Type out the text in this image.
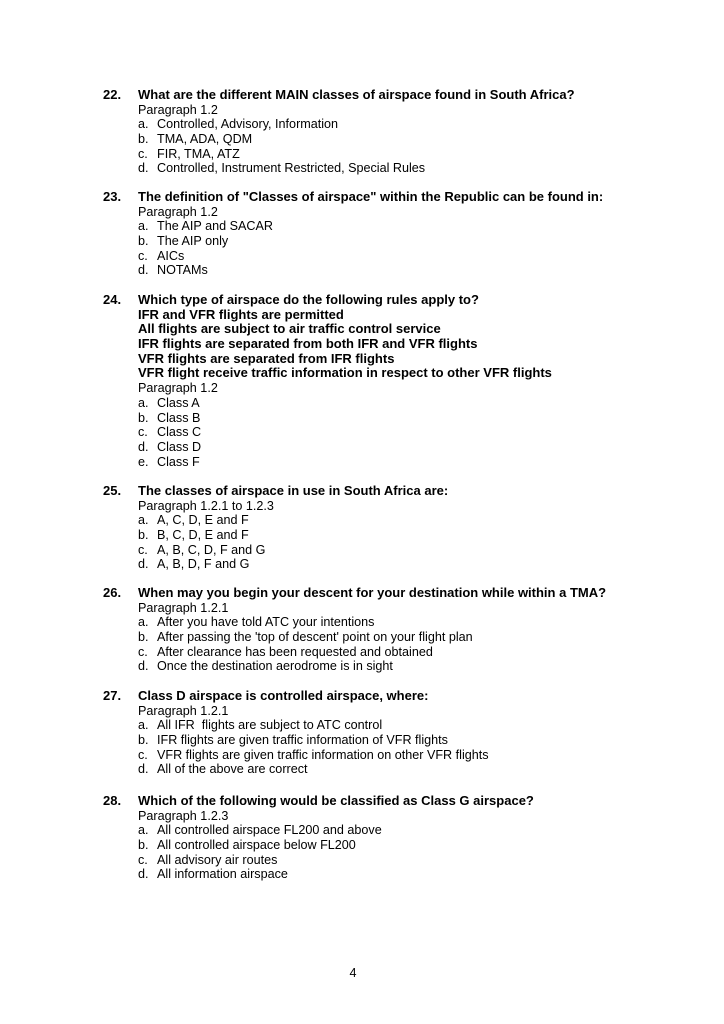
22. What are the different MAIN classes of airspace found in South Africa?
Paragraph 1.2
a. Controlled, Advisory, Information
b. TMA, ADA, QDM
c. FIR, TMA, ATZ
d. Controlled, Instrument Restricted, Special Rules
23. The definition of "Classes of airspace" within the Republic can be found in:
Paragraph 1.2
a. The AIP and SACAR
b. The AIP only
c. AICs
d. NOTAMs
24. Which type of airspace do the following rules apply to?
IFR and VFR flights are permitted
All flights are subject to air traffic control service
IFR flights are separated from both IFR and VFR flights
VFR flights are separated from IFR flights
VFR flight receive traffic information in respect to other VFR flights
Paragraph 1.2
a. Class A
b. Class B
c. Class C
d. Class D
e. Class F
25. The classes of airspace in use in South Africa are:
Paragraph 1.2.1 to 1.2.3
a. A, C, D, E and F
b. B, C, D, E and F
c. A, B, C, D, F and G
d. A, B, D, F and G
26. When may you begin your descent for your destination while within a TMA?
Paragraph 1.2.1
a. After you have told ATC your intentions
b. After passing the 'top of descent' point on your flight plan
c. After clearance has been requested and obtained
d. Once the destination aerodrome is in sight
27. Class D airspace is controlled airspace, where:
Paragraph 1.2.1
a. All IFR  flights are subject to ATC control
b. IFR flights are given traffic information of VFR flights
c. VFR flights are given traffic information on other VFR flights
d. All of the above are correct
28. Which of the following would be classified as Class G airspace?
Paragraph 1.2.3
a. All controlled airspace FL200 and above
b. All controlled airspace below FL200
c. All advisory air routes
d. All information airspace
4
